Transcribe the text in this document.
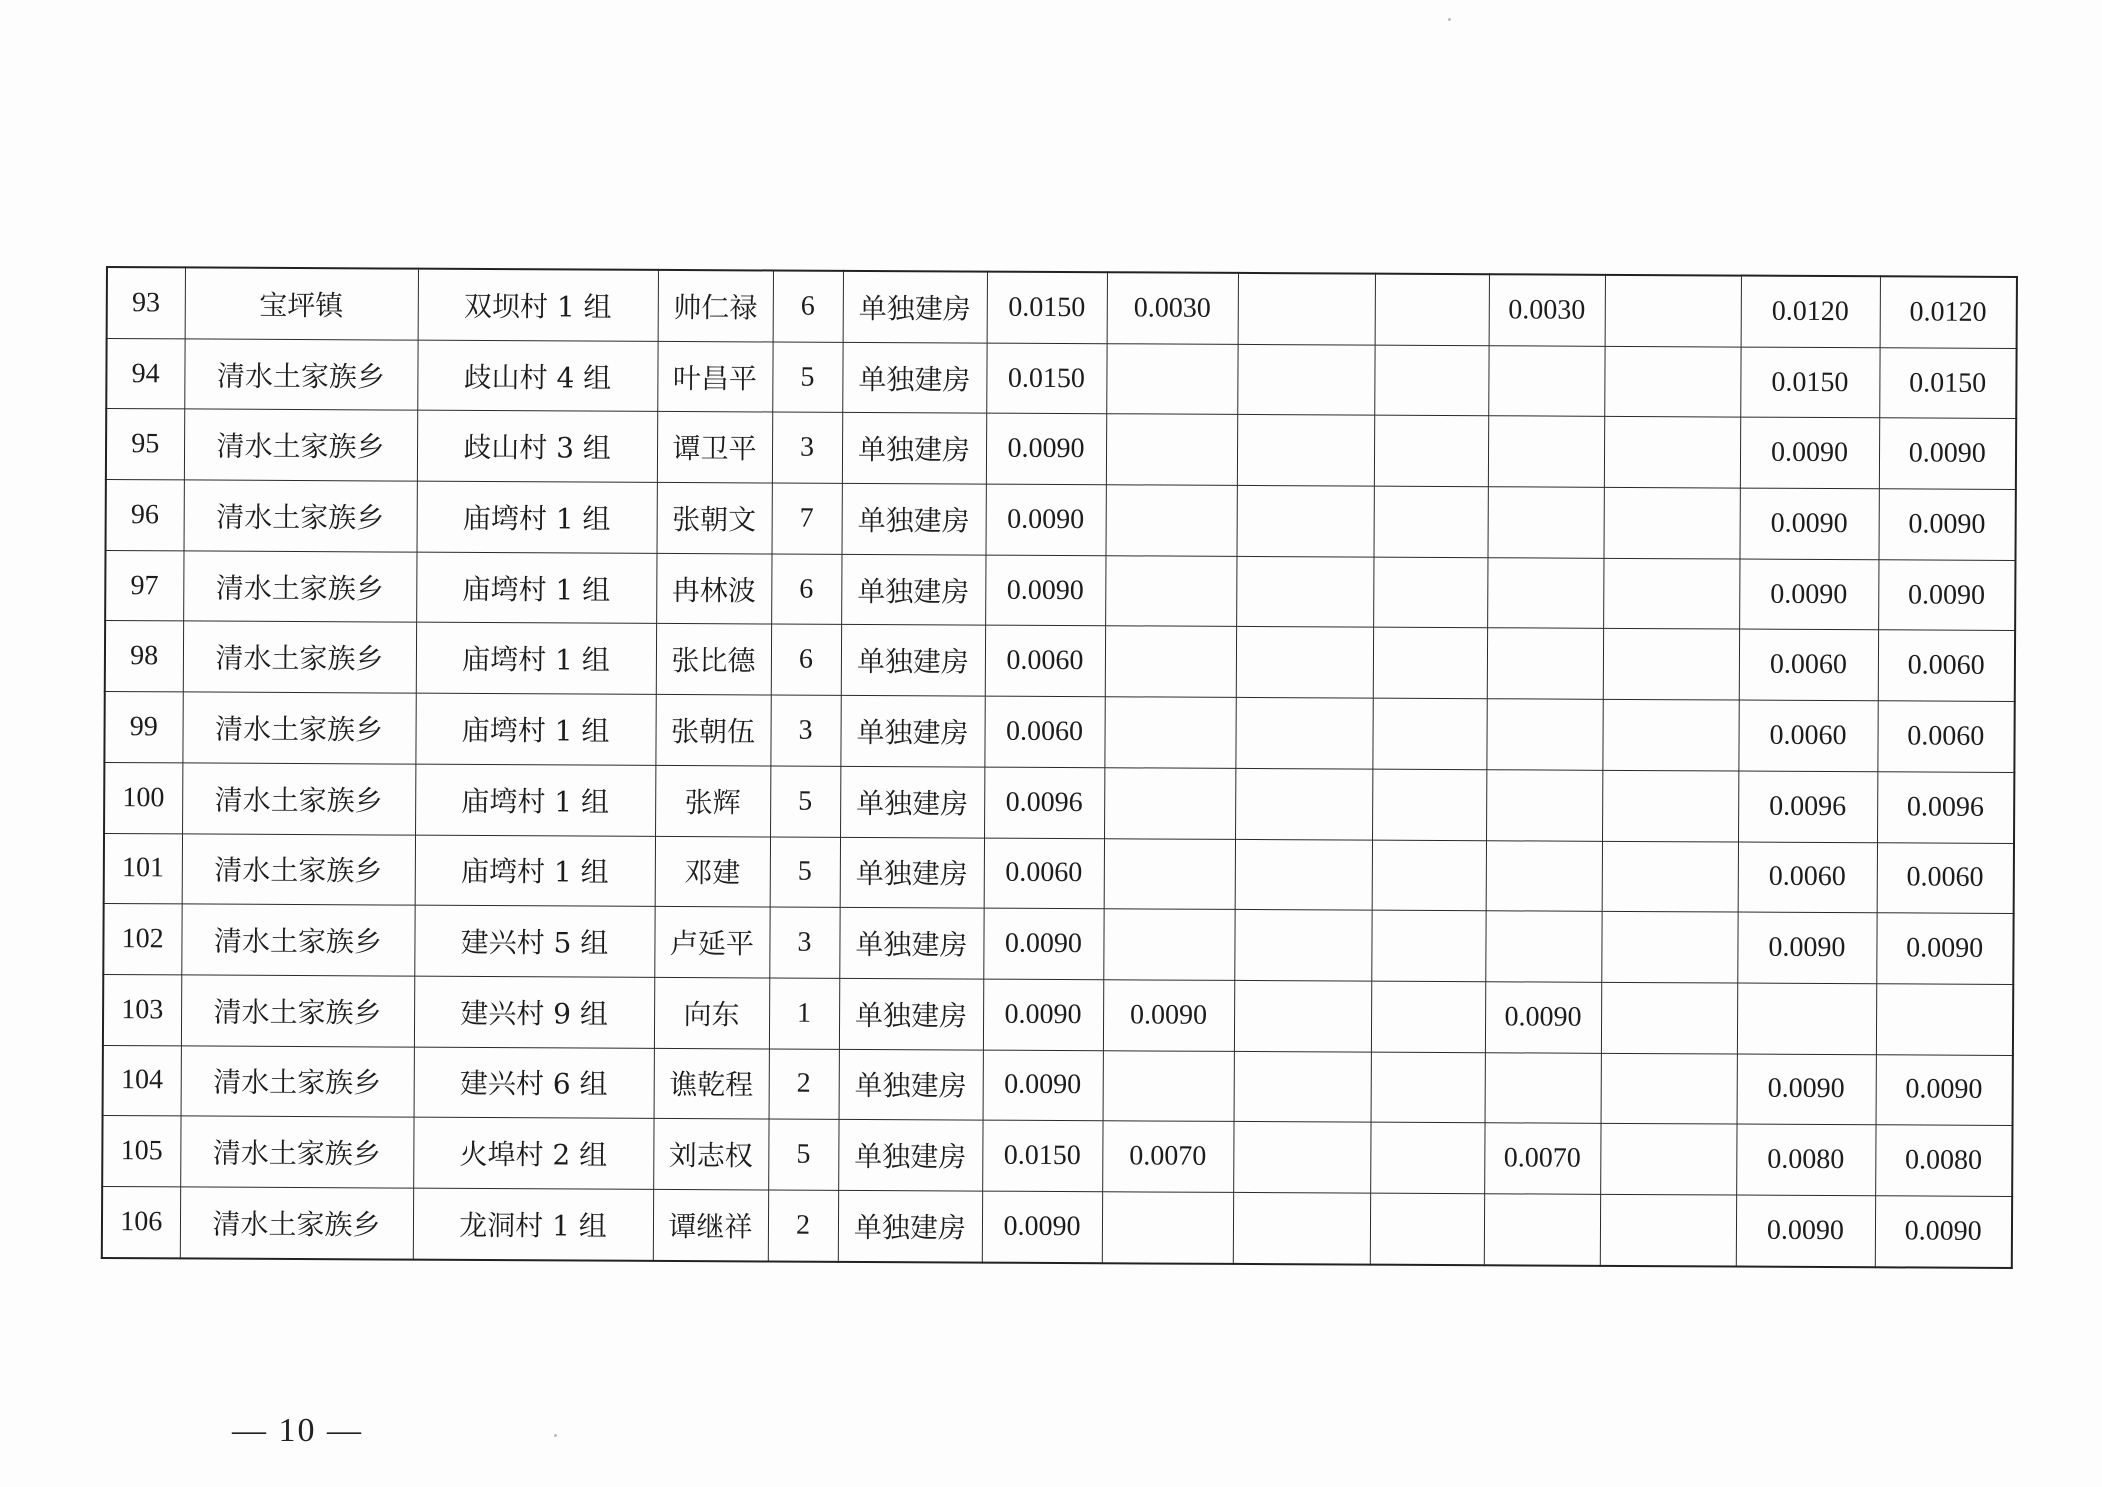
93	宝坪镇	双坝村 1 组	帅仁禄	6	单独建房	0.0150	0.0030			0.0030		0.0120	0.0120
94	清水土家族乡	歧山村 4 组	叶昌平	5	单独建房	0.0150						0.0150	0.0150
95	清水土家族乡	歧山村 3 组	谭卫平	3	单独建房	0.0090						0.0090	0.0090
96	清水土家族乡	庙塆村 1 组	张朝文	7	单独建房	0.0090						0.0090	0.0090
97	清水土家族乡	庙塆村 1 组	冉林波	6	单独建房	0.0090						0.0090	0.0090
98	清水土家族乡	庙塆村 1 组	张比德	6	单独建房	0.0060						0.0060	0.0060
99	清水土家族乡	庙塆村 1 组	张朝伍	3	单独建房	0.0060						0.0060	0.0060
100	清水土家族乡	庙塆村 1 组	张辉	5	单独建房	0.0096						0.0096	0.0096
101	清水土家族乡	庙塆村 1 组	邓建	5	单独建房	0.0060						0.0060	0.0060
102	清水土家族乡	建兴村 5 组	卢延平	3	单独建房	0.0090						0.0090	0.0090
103	清水土家族乡	建兴村 9 组	向东	1	单独建房	0.0090	0.0090			0.0090			
104	清水土家族乡	建兴村 6 组	谯乾程	2	单独建房	0.0090						0.0090	0.0090
105	清水土家族乡	火埠村 2 组	刘志权	5	单独建房	0.0150	0.0070			0.0070		0.0080	0.0080
106	清水土家族乡	龙洞村 1 组	谭继祥	2	单独建房	0.0090						0.0090	0.0090
— 10 —
